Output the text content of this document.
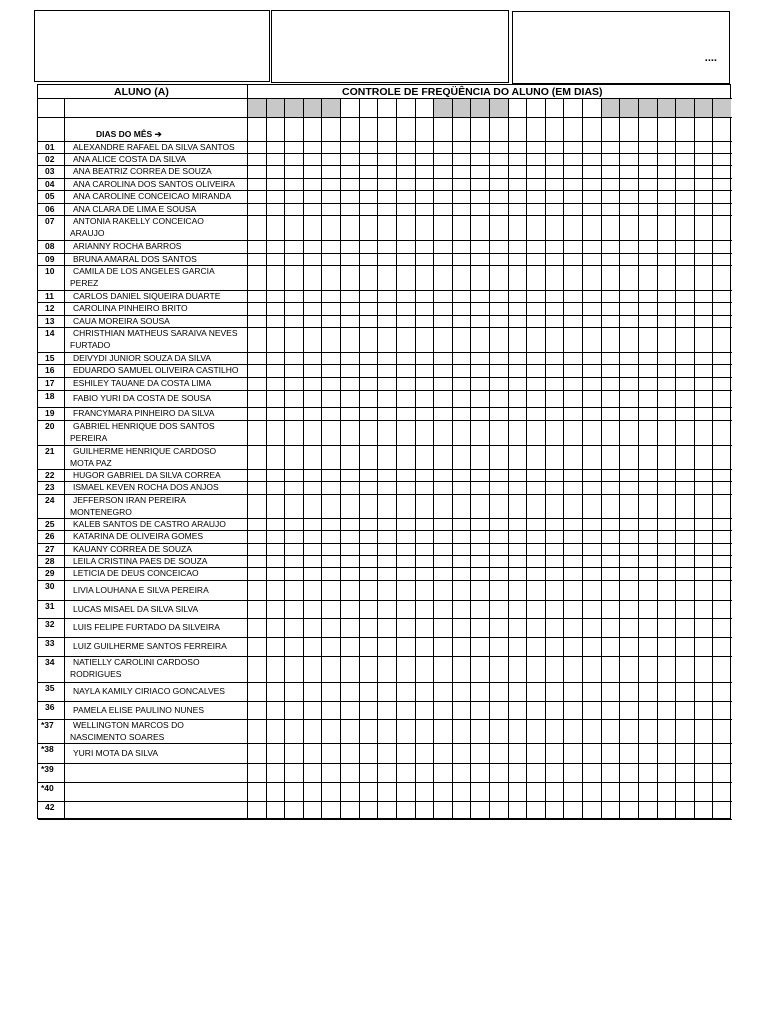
....
ALUNO (A)	CONTROLE DE FREQÜÊNCIA DO ALUNO (EM DIAS)
DIAS DO MÊS ➔
01 ALEXANDRE RAFAEL DA SILVA SANTOS
02 ANA ALICE COSTA DA SILVA
03 ANA BEATRIZ CORREA DE SOUZA
04 ANA CAROLINA DOS SANTOS OLIVEIRA
05 ANA CAROLINE CONCEICAO MIRANDA
06 ANA CLARA DE LIMA E SOUSA
07 ANTONIA RAKELLY CONCEICAO
ARAUJO
08 ARIANNY ROCHA BARROS
09 BRUNA AMARAL DOS SANTOS
10 CAMILA DE LOS ANGELES GARCIA
PEREZ
11 CARLOS DANIEL SIQUEIRA DUARTE
12 CAROLINA PINHEIRO BRITO
13 CAUA MOREIRA SOUSA
14 CHRISTHIAN MATHEUS SARAIVA NEVES
FURTADO
15 DEIVYDI JUNIOR SOUZA DA SILVA
16 EDUARDO SAMUEL OLIVEIRA CASTILHO
17 ESHILEY TAUANE DA COSTA LIMA
18 FABIO YURI DA COSTA DE SOUSA
19 FRANCYMARA PINHEIRO DA SILVA
20 GABRIEL HENRIQUE DOS SANTOS
PEREIRA
21 GUILHERME HENRIQUE CARDOSO
MOTA PAZ
22 HUGOR GABRIEL DA SILVA CORREA
23 ISMAEL KEVEN ROCHA DOS ANJOS
24 JEFFERSON IRAN PEREIRA
MONTENEGRO
25 KALEB SANTOS DE CASTRO ARAUJO
26 KATARINA DE OLIVEIRA GOMES
27 KAUANY CORREA DE SOUZA
28 LEILA CRISTINA PAES DE SOUZA
29 LETICIA DE DEUS CONCEICAO
30 LIVIA LOUHANA E SILVA PEREIRA
31 LUCAS MISAEL DA SILVA SILVA
32 LUIS FELIPE FURTADO DA SILVEIRA
33 LUIZ GUILHERME SANTOS FERREIRA
34 NATIELLY CAROLINI CARDOSO
RODRIGUES
35 NAYLA KAMILY CIRIACO GONCALVES
36 PAMELA ELISE PAULINO NUNES
*37 WELLINGTON MARCOS DO
NASCIMENTO SOARES
*38 YURI MOTA DA SILVA
*39
*40
42
